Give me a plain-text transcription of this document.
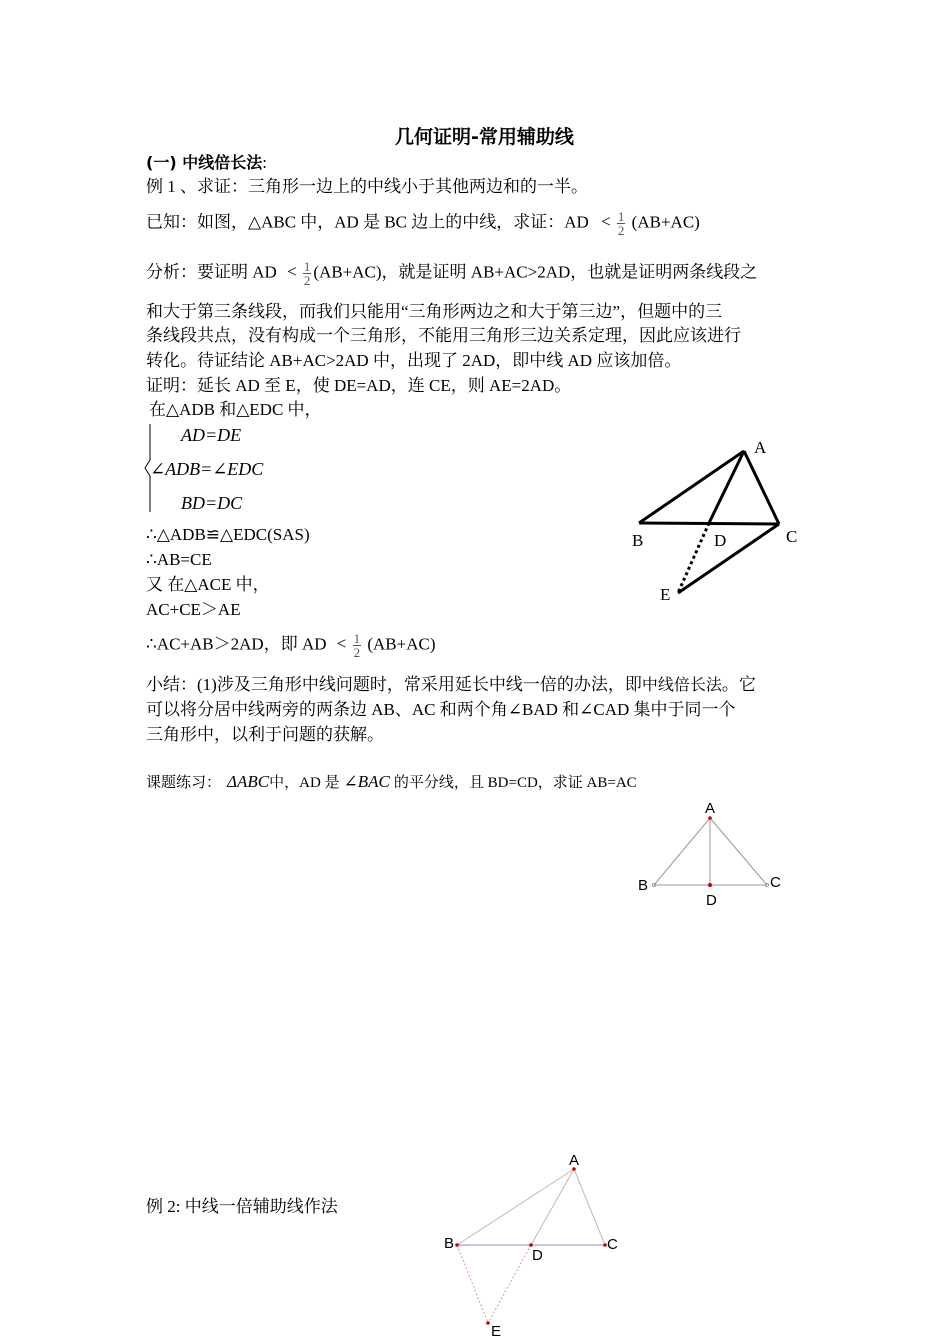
几何证明-常用辅助线
(一) 中线倍长法:
例 1 、求证：三角形一边上的中线小于其他两边和的一半。
已知：如图，△ABC 中，AD 是 BC 边上的中线，求证：AD < $\frac{1}{2} (AB+AC)$
分析：要证明 AD < $\frac{1}{2} (AB+AC)$，就是证明 AB+AC>2AD，也就是证明两条线段之
和大于第三条线段，而我们只能用“三角形两边之和大于第三边”，但题中的三
条线段共点，没有构成一个三角形，不能用三角形三边关系定理，因此应该进行
转化。待证结论 AB+AC>2AD 中，出现了 2AD，即中线 AD 应该加倍。
证明：延长 AD 至 E，使 DE=AD，连 CE，则 AE=2AD。
在△ADB 和△EDC 中，
AD=DE
∠ADB=∠EDC
BD=DC
∴△ADB≌△EDC(SAS)
∴AB=CE
又 在△ACE 中，
AC+CE＞AE
∴AC+AB＞2AD，即 AD < $\frac{1}{2} (AB+AC)$
小结：(1)涉及三角形中线问题时，常采用延长中线一倍的办法，即中线倍长法。它
可以将分居中线两旁的两条边 AB、AC 和两个角∠BAD 和∠CAD 集中于同一个
三角形中，以利于问题的获解。
课题练习： ΔABC中，AD 是 ∠BAC 的平分线，且 BD=CD，求证 AB=AC
例 2: 中线一倍辅助线作法
A
B	C
D
E
A
B	C
D
A
B	C
D
E
